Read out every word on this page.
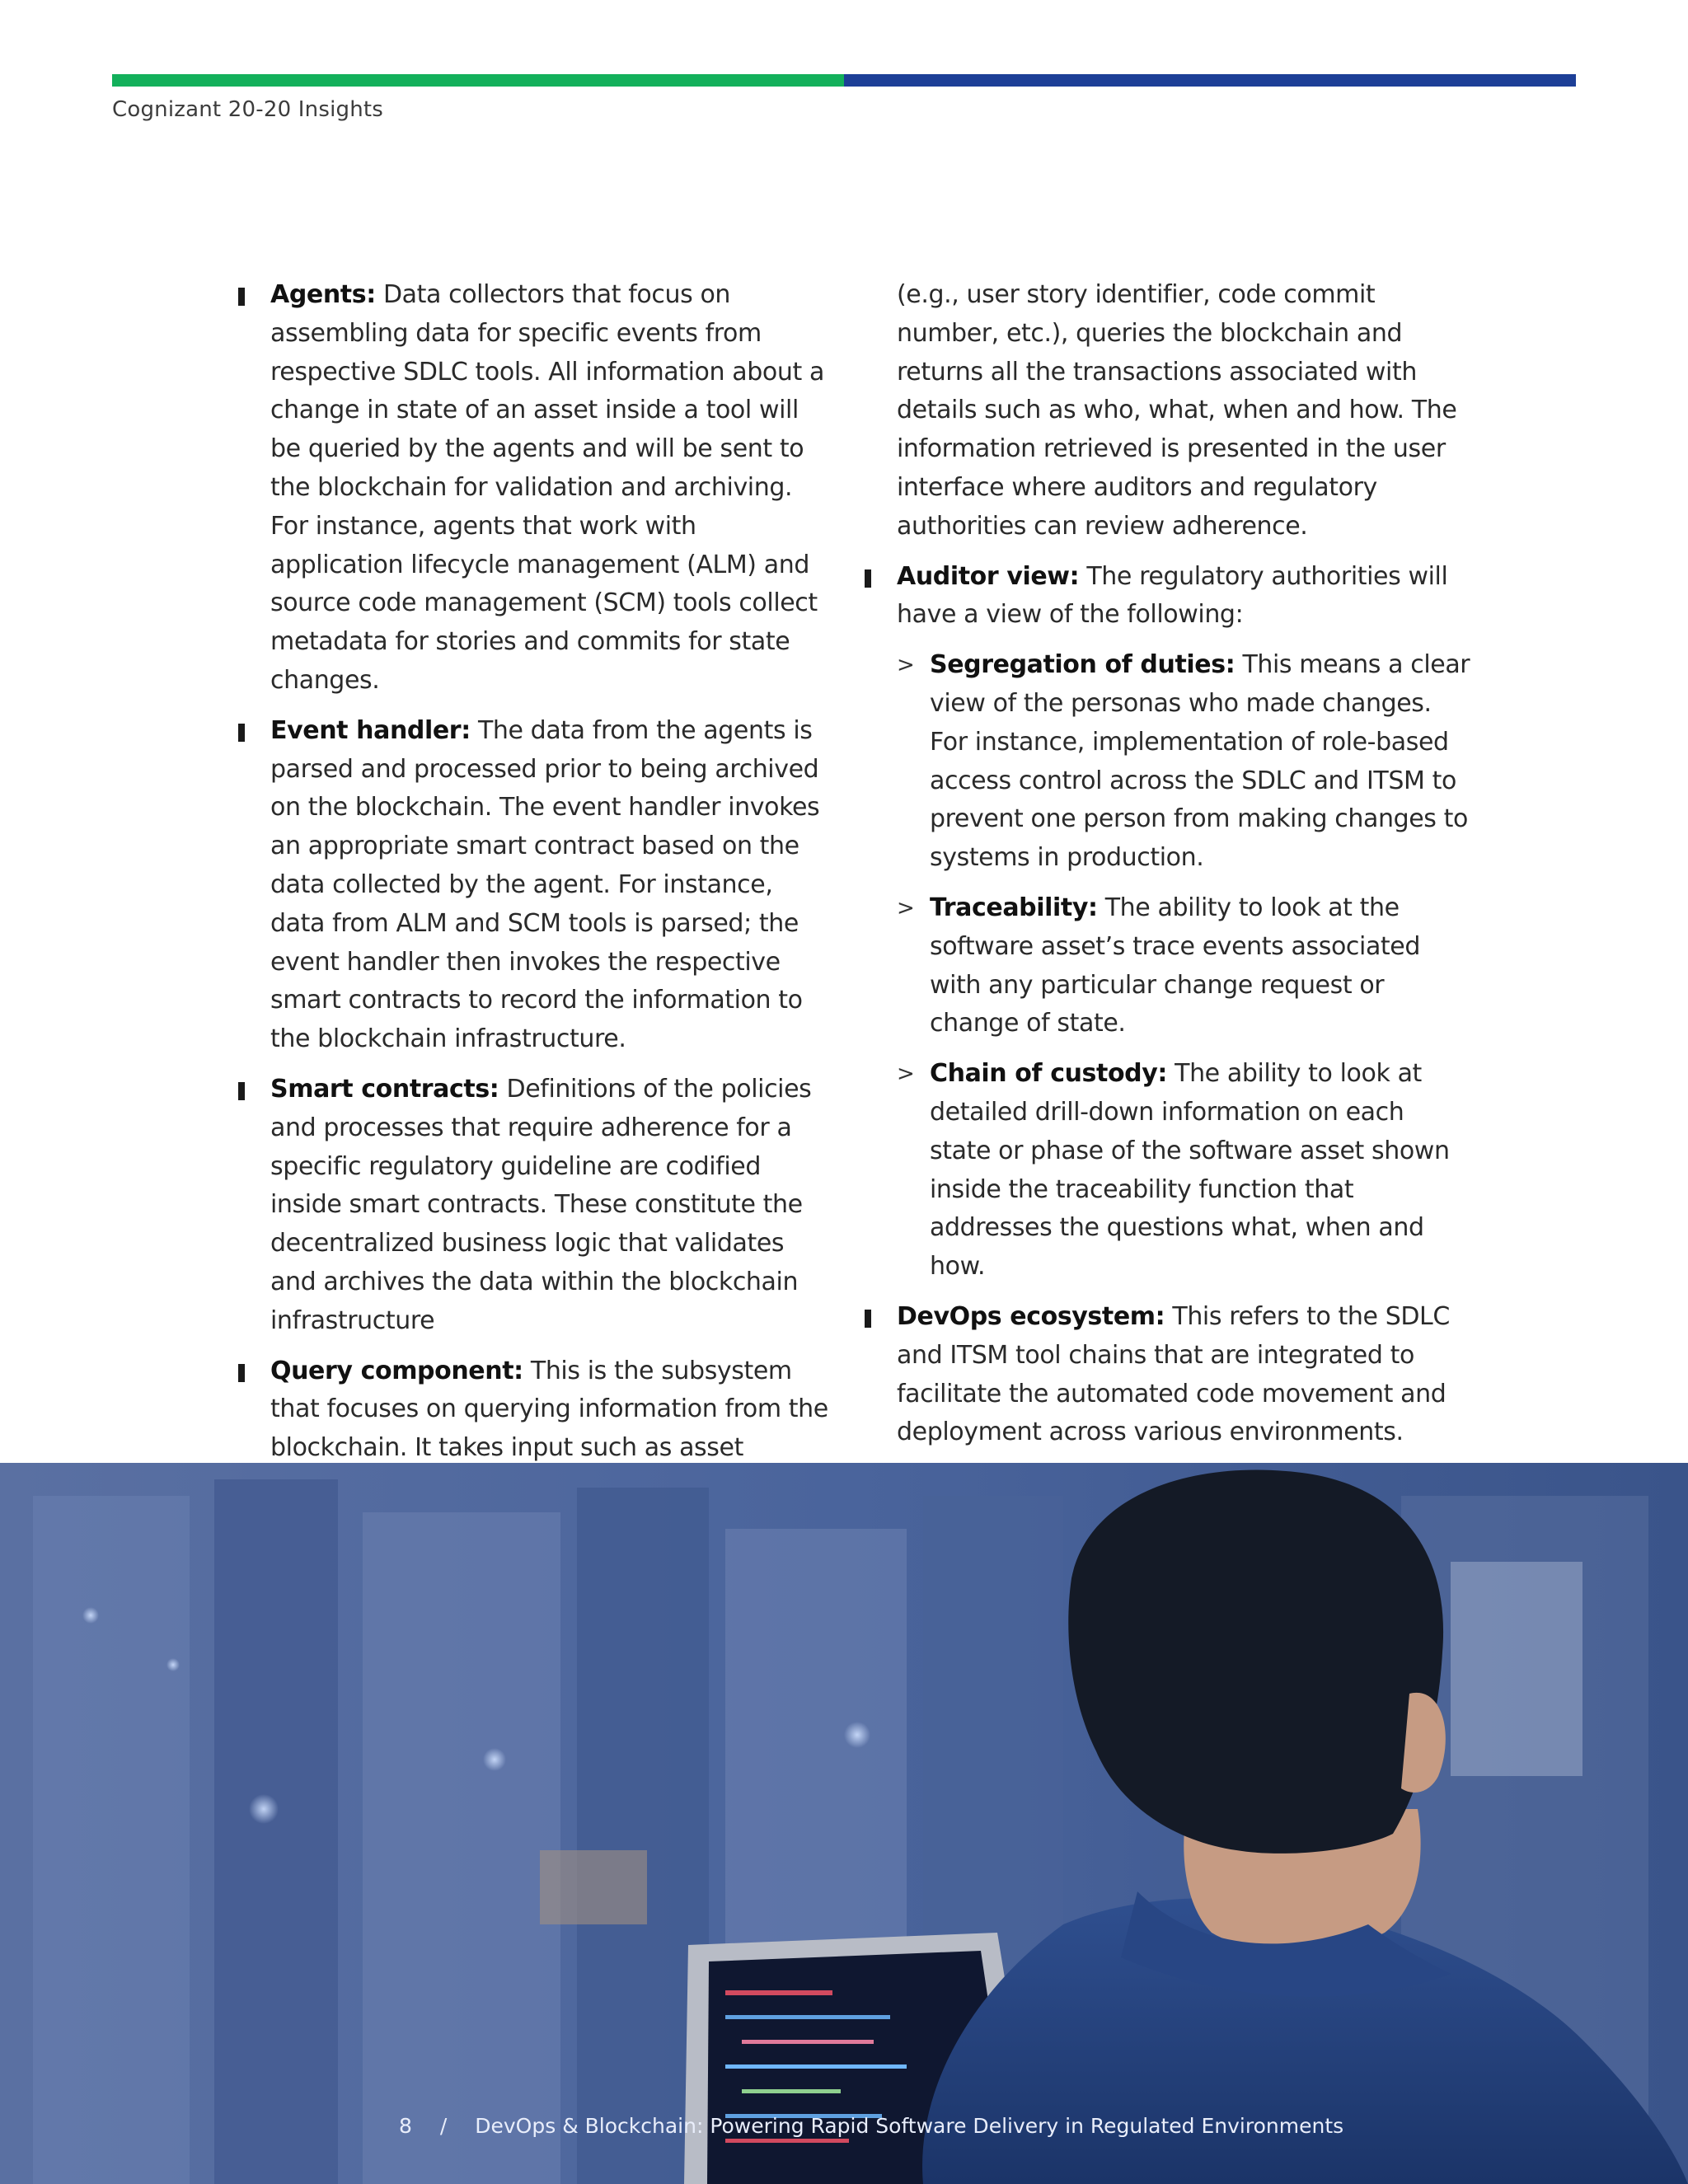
Cognizant 20-20 Insights

Agents: Data collectors that focus on assembling data for specific events from respective SDLC tools. All information about a change in state of an asset inside a tool will be queried by the agents and will be sent to the blockchain for validation and archiving. For instance, agents that work with application lifecycle management (ALM) and source code management (SCM) tools collect metadata for stories and commits for state changes.

Event handler: The data from the agents is parsed and processed prior to being archived on the blockchain. The event handler invokes an appropriate smart contract based on the data collected by the agent. For instance, data from ALM and SCM tools is parsed; the event handler then invokes the respective smart contracts to record the information to the blockchain infrastructure.

Smart contracts: Definitions of the policies and processes that require adherence for a specific regulatory guideline are codified inside smart contracts. These constitute the decentralized business logic that validates and archives the data within the blockchain infrastructure

Query component: This is the subsystem that focuses on querying information from the blockchain. It takes input such as asset

(e.g., user story identifier, code commit number, etc.), queries the blockchain and returns all the transactions associated with details such as who, what, when and how. The information retrieved is presented in the user interface where auditors and regulatory authorities can review adherence.

Auditor view: The regulatory authorities will have a view of the following:

> Segregation of duties: This means a clear view of the personas who made changes. For instance, implementation of role-based access control across the SDLC and ITSM to prevent one person from making changes to systems in production.

> Traceability: The ability to look at the software asset’s trace events associated with any particular change request or change of state.

> Chain of custody: The ability to look at detailed drill-down information on each state or phase of the software asset shown inside the traceability function that addresses the questions what, when and how.

DevOps ecosystem: This refers to the SDLC and ITSM tool chains that are integrated to facilitate the automated code movement and deployment across various environments.

8 / DevOps & Blockchain: Powering Rapid Software Delivery in Regulated Environments
